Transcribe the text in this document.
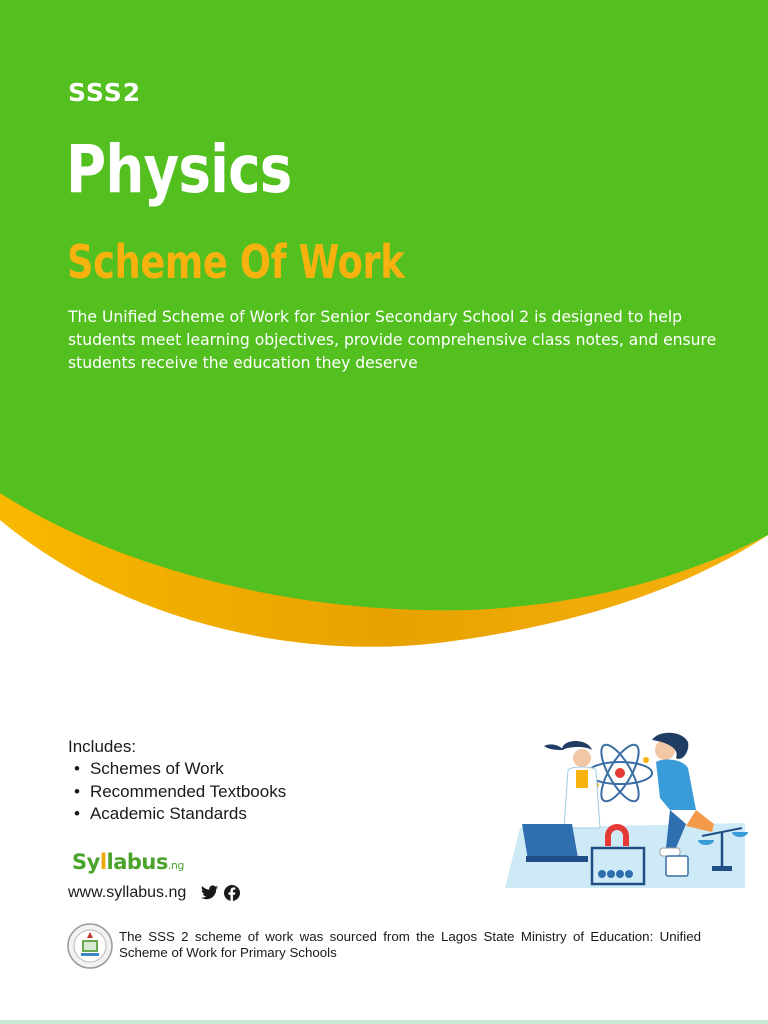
SSS2
Physics
Scheme Of Work

The Unified Scheme of Work for Senior Secondary School 2 is designed to help students meet learning objectives, provide comprehensive class notes, and ensure students receive the education they deserve

Includes:

• Schemes of Work
• Recommended Textbooks
• Academic Standards

Syllabus.ng

www.syllabus.ng

The SSS 2 scheme of work was sourced from the Lagos State Ministry of Education: Unified Scheme of Work for Primary Schools
